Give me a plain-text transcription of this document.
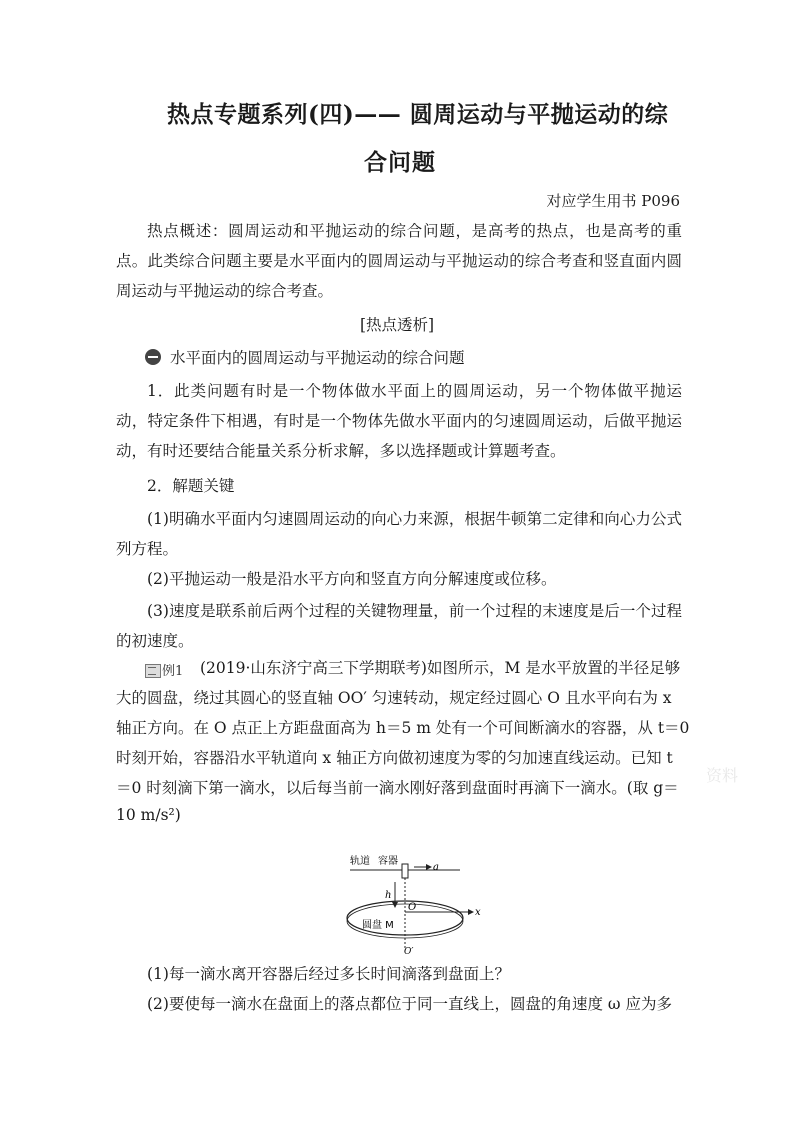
热点专题系列(四)—— 圆周运动与平抛运动的综
合问题
对应学生用书 P096
热点概述：圆周运动和平抛运动的综合问题，是高考的热点，也是高考的重点。此类综合问题主要是水平面内的圆周运动与平抛运动的综合考查和竖直面内圆周运动与平抛运动的综合考查。
[热点透析]
水平面内的圆周运动与平抛运动的综合问题
1．此类问题有时是一个物体做水平面上的圆周运动，另一个物体做平抛运动，特定条件下相遇，有时是一个物体先做水平面内的匀速圆周运动，后做平抛运动，有时还要结合能量关系分析求解，多以选择题或计算题考查。
2．解题关键
(1)明确水平面内匀速圆周运动的向心力来源，根据牛顿第二定律和向心力公式列方程。
(2)平抛运动一般是沿水平方向和竖直方向分解速度或位移。
(3)速度是联系前后两个过程的关键物理量，前一个过程的末速度是后一个过程的初速度。
例1 (2019·山东济宁高三下学期联考)如图所示，M 是水平放置的半径足够
大的圆盘，绕过其圆心的竖直轴 OO′ 匀速转动，规定经过圆心 O 且水平向右为 x
轴正方向。在 O 点正上方距盘面高为 h＝5 m 处有一个可间断滴水的容器，从 t＝0
时刻开始，容器沿水平轨道向 x 轴正方向做初速度为零的匀加速直线运动。已知 t
＝0 时刻滴下第一滴水，以后每当前一滴水刚好落到盘面时再滴下一滴水。(取 g＝
10 m/s²)
资料
轨道 容器
a
h
x
O
圆盘 M
O′
(1)每一滴水离开容器后经过多长时间滴落到盘面上？
(2)要使每一滴水在盘面上的落点都位于同一直线上，圆盘的角速度 ω 应为多
